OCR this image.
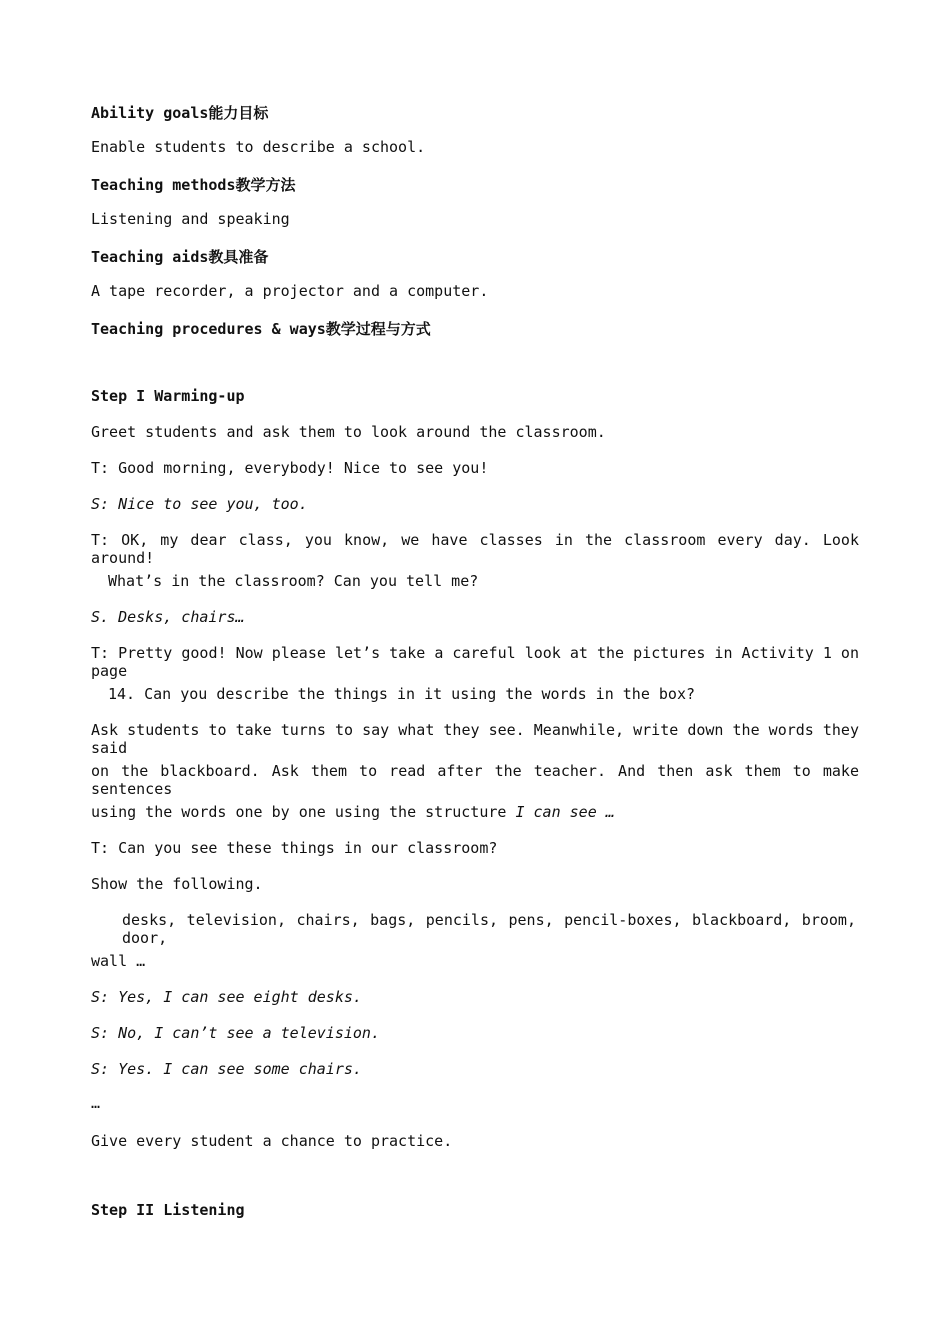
Ability goals能力目标
Enable students to describe a school.
Teaching methods教学方法
Listening and speaking
Teaching aids教具准备
A tape recorder, a projector and a computer.
Teaching procedures & ways教学过程与方式
Step I Warming-up
Greet students and ask them to look around the classroom.
T: Good morning, everybody! Nice to see you!
S: Nice to see you, too.
T: OK, my dear class, you know, we have classes in the classroom every day. Look around!
What’s in the classroom? Can you tell me?
S. Desks, chairs…
T: Pretty good! Now please let’s take a careful look at the pictures in Activity 1 on page
14. Can you describe the things in it using the words in the box?
Ask students to take turns to say what they see. Meanwhile, write down the words they said
on the blackboard. Ask them to read after the teacher. And then ask them to make sentences
using the words one by one using the structure I can see …
T: Can you see these things in our classroom?
Show the following.
desks, television, chairs, bags, pencils, pens, pencil-boxes, blackboard, broom, door,
wall …
S: Yes, I can see eight desks.
S: No, I can’t see a television.
S: Yes. I can see some chairs.
…
Give every student a chance to practice.
Step II Listening
